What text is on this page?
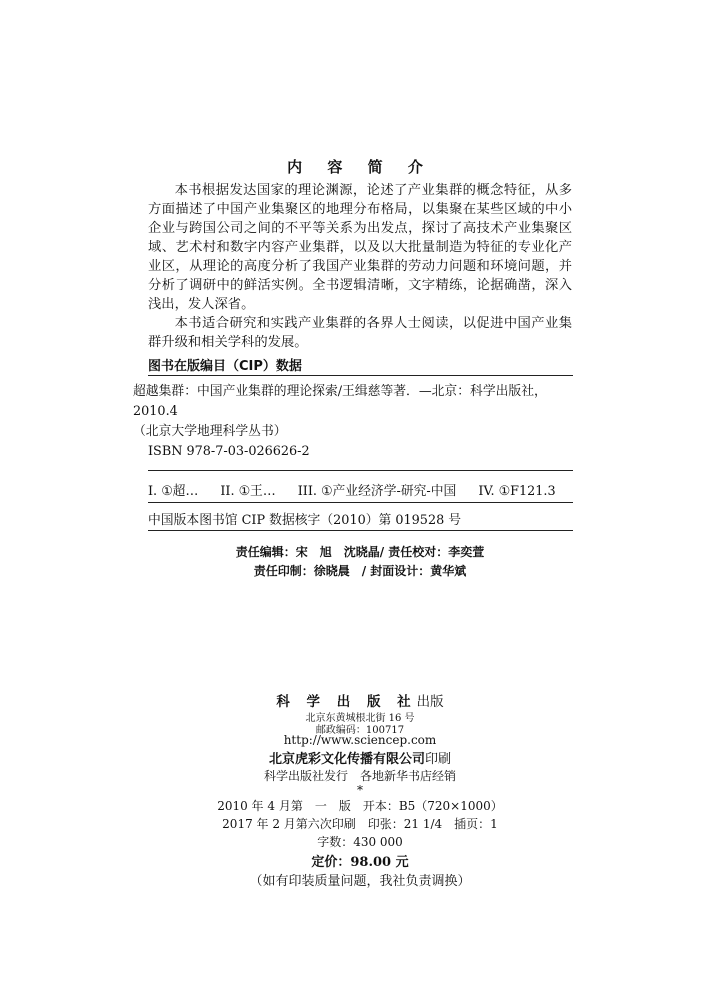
内 容 简 介

本书根据发达国家的理论渊源，论述了产业集群的概念特征，从多方面描述了中国产业集聚区的地理分布格局，以集聚在某些区域的中小企业与跨国公司之间的不平等关系为出发点，探讨了高技术产业集聚区域、艺术村和数字内容产业集群，以及以大批量制造为特征的专业化产业区，从理论的高度分析了我国产业集群的劳动力问题和环境问题，并分析了调研中的鲜活实例。全书逻辑清晰，文字精练，论据确凿，深入浅出，发人深省。

本书适合研究和实践产业集群的各界人士阅读，以促进中国产业集群升级和相关学科的发展。

图书在版编目（CIP）数据
超越集群：中国产业集群的理论探索/王缉慈等著．—北京：科学出版社，
2010.4
（北京大学地理科学丛书）
ISBN 978-7-03-026626-2
I. ①超… II. ①王… III. ①产业经济学-研究-中国 IV. ①F121.3
中国版本图书馆 CIP 数据核字（2010）第 019528 号
责任编辑：宋　旭　沈晓晶/ 责任校对：李奕萱
责任印制：徐晓晨　/ 封面设计：黄华斌
科 学 出 版 社出版
北京东黄城根北街 16 号
邮政编码：100717
http://www.sciencep.com
北京虎彩文化传播有限公司印刷
科学出版社发行　各地新华书店经销
*
2010 年 4 月第　一　版　开本：B5（720×1000）
2017 年 2 月第六次印刷　印张：21 1/4　插页：1
字数：430 000
定价：98.00 元
（如有印装质量问题，我社负责调换）
